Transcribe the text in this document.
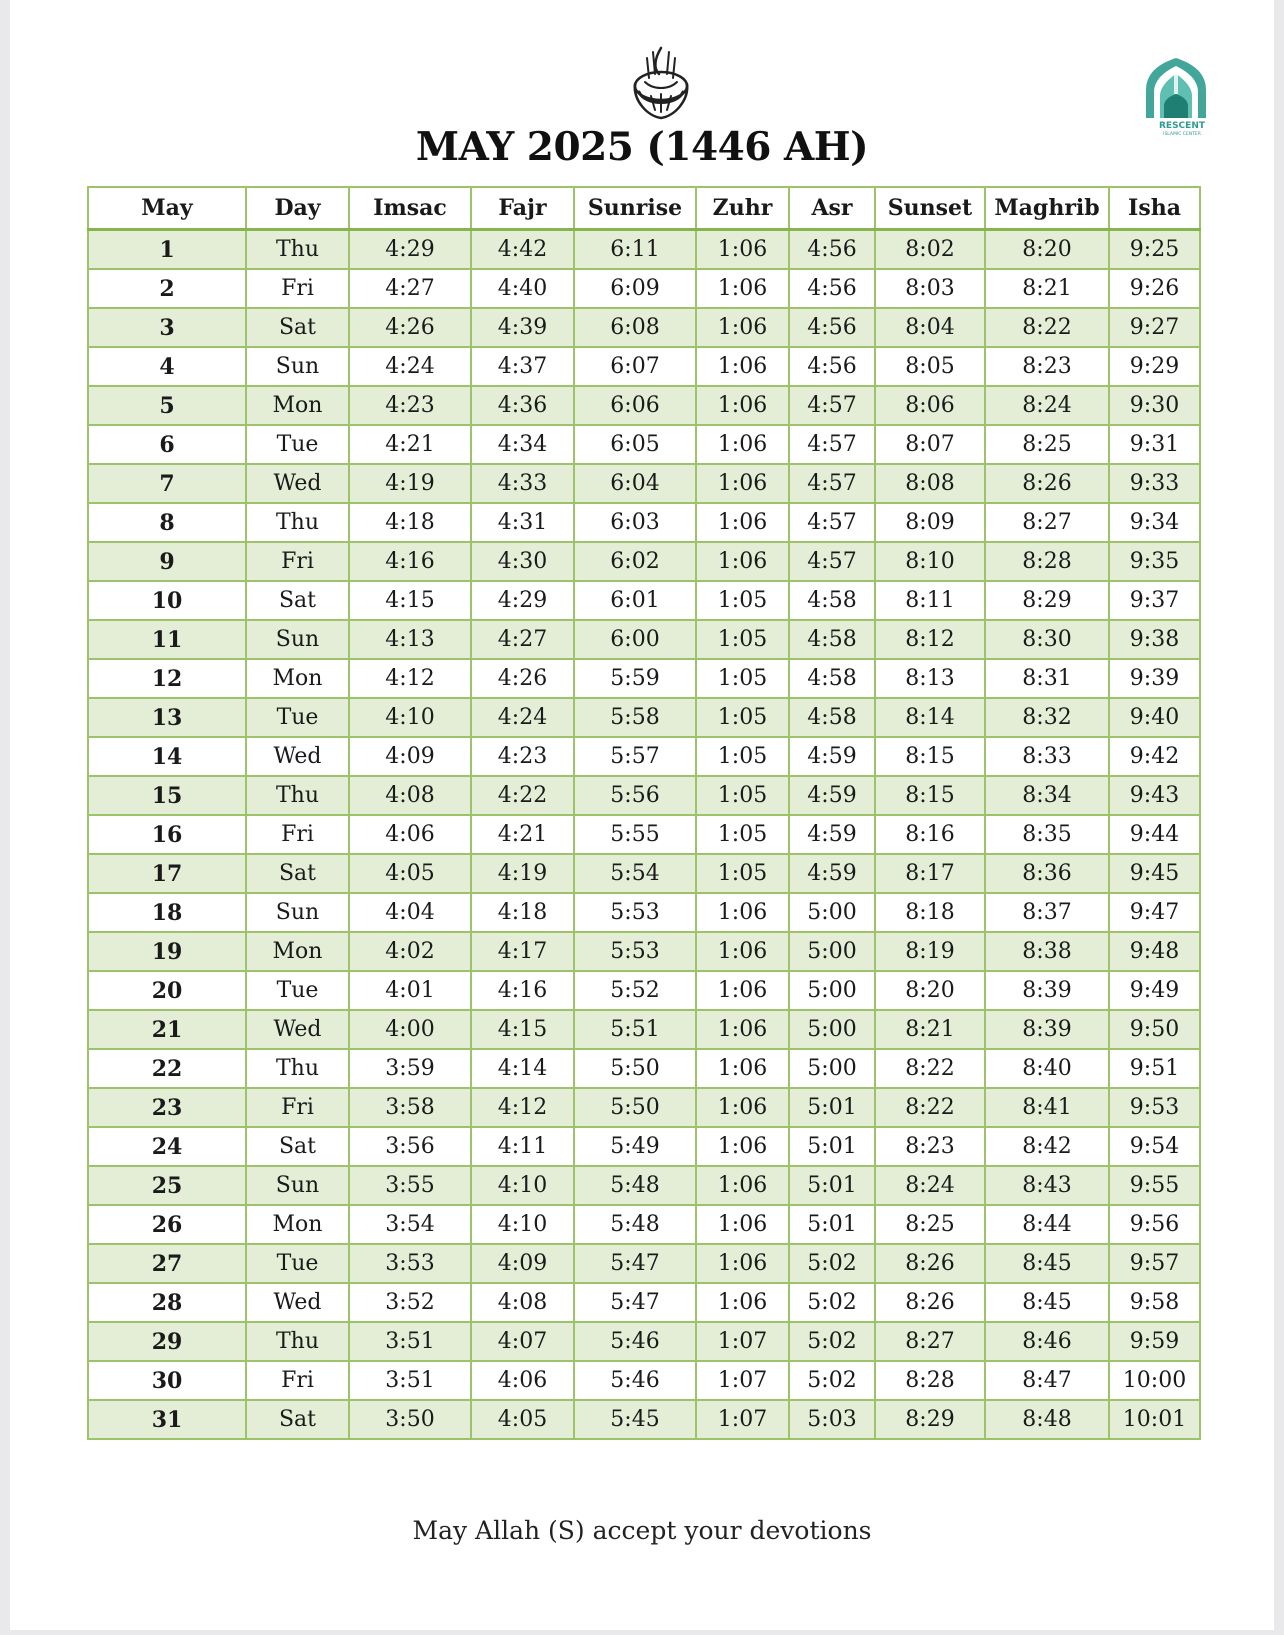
RESCENT
ISLAMIC CENTER
MAY 2025 (1446 AH)
May	Day	Imsac	Fajr	Sunrise	Zuhr	Asr	Sunset	Maghrib	Isha
1	Thu	4:29	4:42	6:11	1:06	4:56	8:02	8:20	9:25
2	Fri	4:27	4:40	6:09	1:06	4:56	8:03	8:21	9:26
3	Sat	4:26	4:39	6:08	1:06	4:56	8:04	8:22	9:27
4	Sun	4:24	4:37	6:07	1:06	4:56	8:05	8:23	9:29
5	Mon	4:23	4:36	6:06	1:06	4:57	8:06	8:24	9:30
6	Tue	4:21	4:34	6:05	1:06	4:57	8:07	8:25	9:31
7	Wed	4:19	4:33	6:04	1:06	4:57	8:08	8:26	9:33
8	Thu	4:18	4:31	6:03	1:06	4:57	8:09	8:27	9:34
9	Fri	4:16	4:30	6:02	1:06	4:57	8:10	8:28	9:35
10	Sat	4:15	4:29	6:01	1:05	4:58	8:11	8:29	9:37
11	Sun	4:13	4:27	6:00	1:05	4:58	8:12	8:30	9:38
12	Mon	4:12	4:26	5:59	1:05	4:58	8:13	8:31	9:39
13	Tue	4:10	4:24	5:58	1:05	4:58	8:14	8:32	9:40
14	Wed	4:09	4:23	5:57	1:05	4:59	8:15	8:33	9:42
15	Thu	4:08	4:22	5:56	1:05	4:59	8:15	8:34	9:43
16	Fri	4:06	4:21	5:55	1:05	4:59	8:16	8:35	9:44
17	Sat	4:05	4:19	5:54	1:05	4:59	8:17	8:36	9:45
18	Sun	4:04	4:18	5:53	1:06	5:00	8:18	8:37	9:47
19	Mon	4:02	4:17	5:53	1:06	5:00	8:19	8:38	9:48
20	Tue	4:01	4:16	5:52	1:06	5:00	8:20	8:39	9:49
21	Wed	4:00	4:15	5:51	1:06	5:00	8:21	8:39	9:50
22	Thu	3:59	4:14	5:50	1:06	5:00	8:22	8:40	9:51
23	Fri	3:58	4:12	5:50	1:06	5:01	8:22	8:41	9:53
24	Sat	3:56	4:11	5:49	1:06	5:01	8:23	8:42	9:54
25	Sun	3:55	4:10	5:48	1:06	5:01	8:24	8:43	9:55
26	Mon	3:54	4:10	5:48	1:06	5:01	8:25	8:44	9:56
27	Tue	3:53	4:09	5:47	1:06	5:02	8:26	8:45	9:57
28	Wed	3:52	4:08	5:47	1:06	5:02	8:26	8:45	9:58
29	Thu	3:51	4:07	5:46	1:07	5:02	8:27	8:46	9:59
30	Fri	3:51	4:06	5:46	1:07	5:02	8:28	8:47	10:00
31	Sat	3:50	4:05	5:45	1:07	5:03	8:29	8:48	10:01
May Allah (S) accept your devotions
